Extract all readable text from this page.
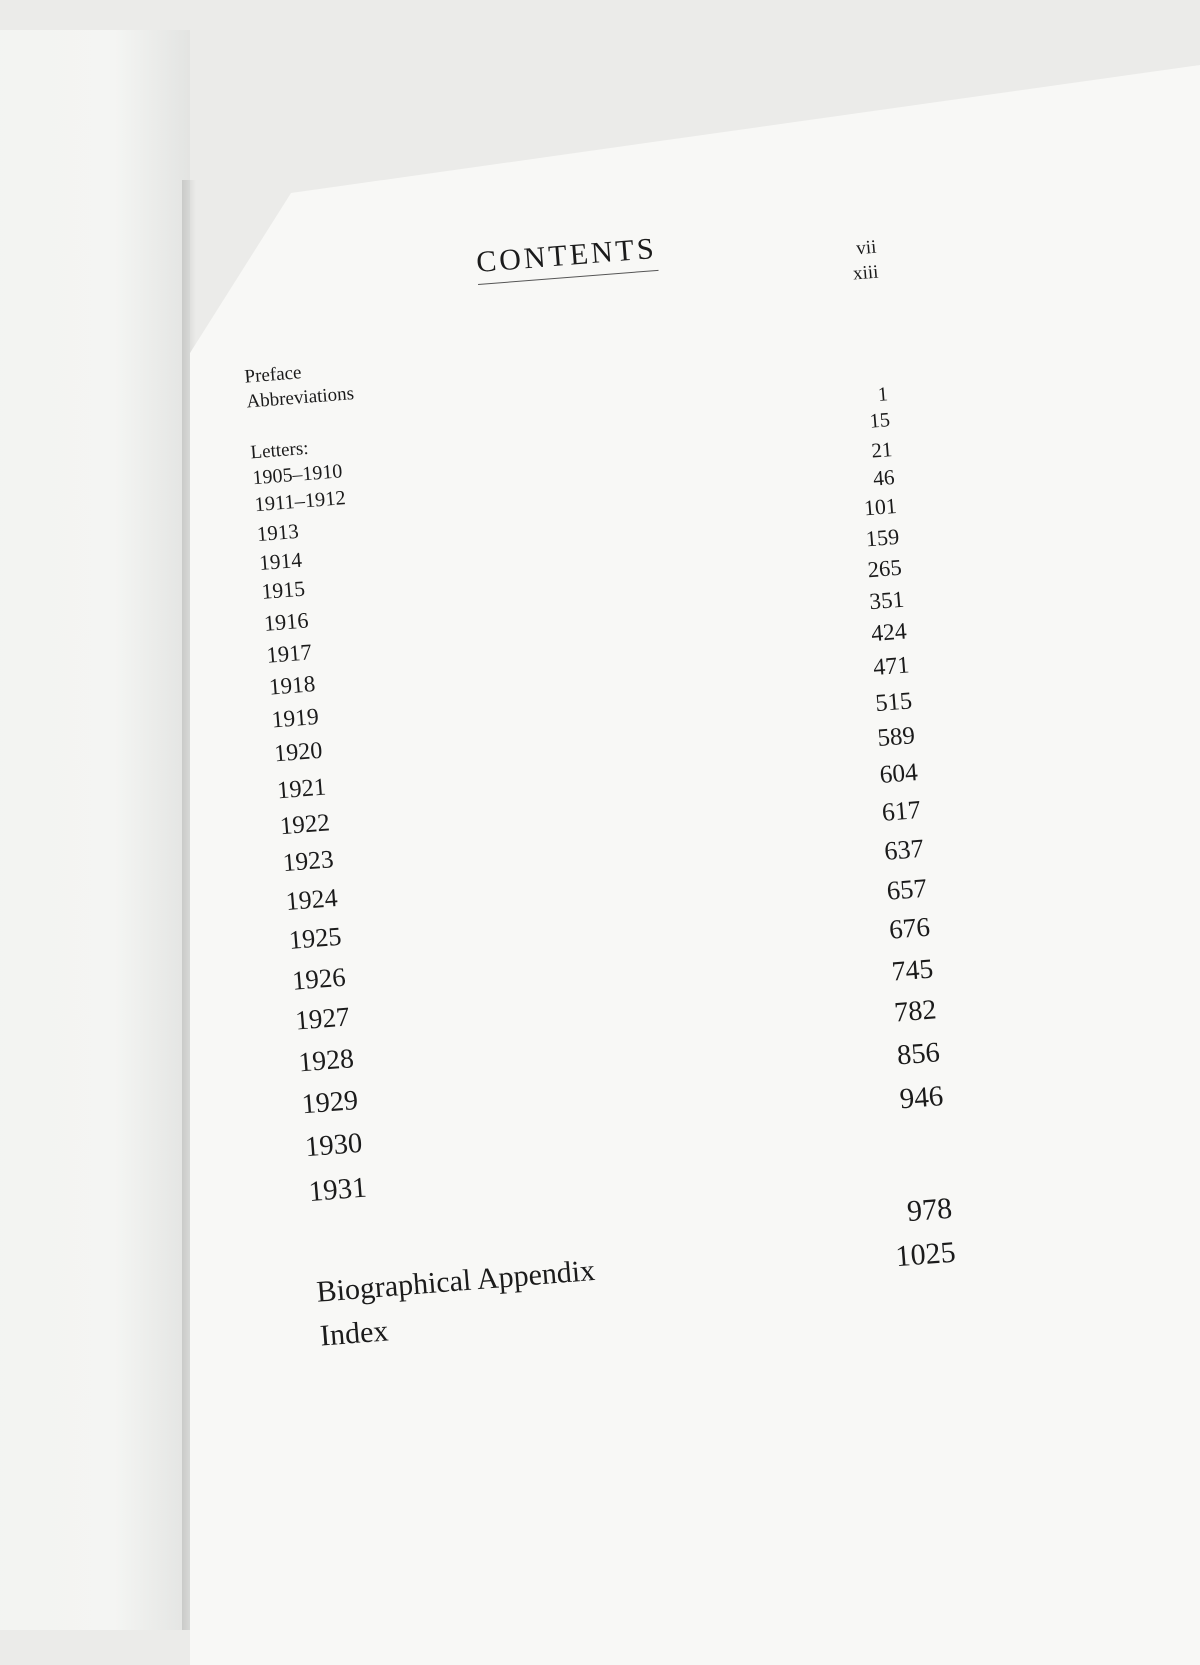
CONTENTS
Preface
vii
Abbreviations
xiii
Letters:
1905–1910
1
1911–1912
15
1913
21
1914
46
1915
101
1916
159
1917
265
1918
351
1919
424
1920
471
1921
515
1922
589
1923
604
1924
617
1925
637
1926
657
1927
676
1928
745
1929
782
1930
856
1931
946
Biographical Appendix
978
Index
1025
